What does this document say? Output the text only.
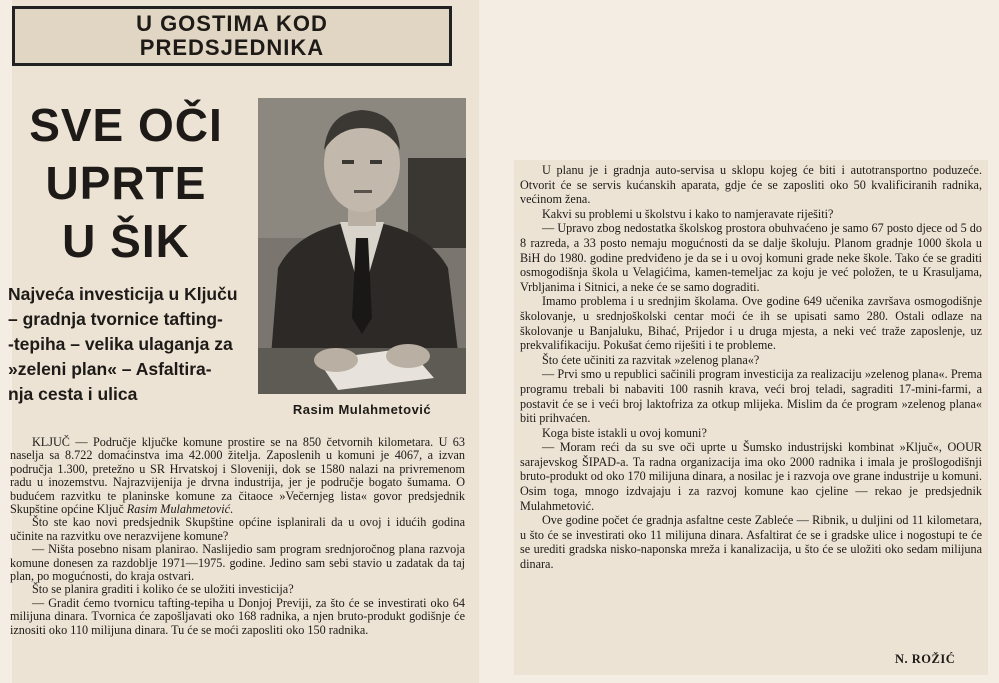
U GOSTIMA KOD
PREDSJEDNIKA
SVE OČI
UPRTE
U ŠIK
Najveća investicija u Ključu
– gradnja tvornice tafting-
-tepiha – velika ulaganja za
»zeleni plan« – Asfaltira-
nja cesta i ulica
Rasim Mulahmetović

KLJUČ — Područje ključke komune prostire se na 850 četvornih kilometara. U 63 naselja sa 8.722 domaćinstva ima 42.000 žitelja. Zaposlenih u komuni je 4067, a izvan područja 1.300, pretežno u SR Hrvatskoj i Sloveniji, dok se 1580 nalazi na privremenom radu u inozemstvu. Najrazvijenija je drvna industrija, jer je područje bogato šumama. O budućem razvitku te planinske komune za čitaoce »Večernjeg lista« govor predsjednik Skupštine općine Ključ Rasim Mulahmetović.

Što ste kao novi predsjednik Skupštine općine isplanirali da u ovoj i idućih godina učinite na razvitku ove nerazvijene komune?

— Ništa posebno nisam planirao. Naslijedio sam program srednjoročnog plana razvoja komune donesen za razdoblje 1971—1975. godine. Jedino sam sebi stavio u zadatak da taj plan, po mogućnosti, do kraja ostvari.

Što se planira graditi i koliko će se uložiti investicija?

— Gradit ćemo tvornicu tafting-tepiha u Donjoj Previji, za što će se investirati oko 64 milijuna dinara. Tvornica će zapošljavati oko 168 radnika, a njen bruto-produkt godišnje će iznositi oko 110 milijuna dinara. Tu će se moći zaposliti oko 150 radnika.

U planu je i gradnja auto-servisa u sklopu kojeg će biti i autotransportno poduzeće. Otvorit će se servis kućanskih aparata, gdje će se zaposliti oko 50 kvalificiranih radnika, većinom žena.

Kakvi su problemi u školstvu i kako to namjeravate riješiti?

— Upravo zbog nedostatka školskog prostora obuhvaćeno je samo 67 posto djece od 5 do 8 razreda, a 33 posto nemaju mogućnosti da se dalje školuju. Planom gradnje 1000 škola u BiH do 1980. godine predviđeno je da se i u ovoj komuni grade neke škole. Tako će se graditi osmogodišnja škola u Velagićima, kamen-temeljac za koju je već položen, te u Krasuljama, Vrbljanima i Sitnici, a neke će se samo dograditi.

Imamo problema i u srednjim školama. Ove godine 649 učenika završava osmogodišnje školovanje, u srednjoškolski centar moći će ih se upisati samo 280. Ostali odlaze na školovanje u Banjaluku, Bihać, Prijedor i u druga mjesta, a neki već traže zaposlenje, uz prekvalifikaciju. Pokušat ćemo riješiti i te probleme.

Što ćete učiniti za razvitak »zelenog plana«?

— Prvi smo u republici sačinili program investicija za realizaciju »zelenog plana«. Prema programu trebali bi nabaviti 100 rasnih krava, veći broj teladi, sagraditi 17-mini-farmi, a postavit će se i veći broj laktofriza za otkup mlijeka. Mislim da će program »zelenog plana« biti prihvaćen.

Koga biste istakli u ovoj komuni?

— Moram reći da su sve oči uprte u Šumsko industrijski kombinat »Ključ«, OOUR sarajevskog ŠIPAD-a. Ta radna organizacija ima oko 2000 radnika i imala je prošlogodišnji bruto-produkt od oko 170 milijuna dinara, a nosilac je i razvoja ove grane industrije u komuni. Osim toga, mnogo izdvajaju i za razvoj komune kao cjeline — rekao je predsjednik Mulahmetović.

Ove godine počet će gradnja asfaltne ceste Zableće — Ribnik, u duljini od 11 kilometara, u što će se investirati oko 11 milijuna dinara. Asfaltirat će se i gradske ulice i nogostupi te će se urediti gradska nisko-naponska mreža i kanalizacija, u što će se uložiti oko sedam milijuna dinara.

N. ROŽIĆ
